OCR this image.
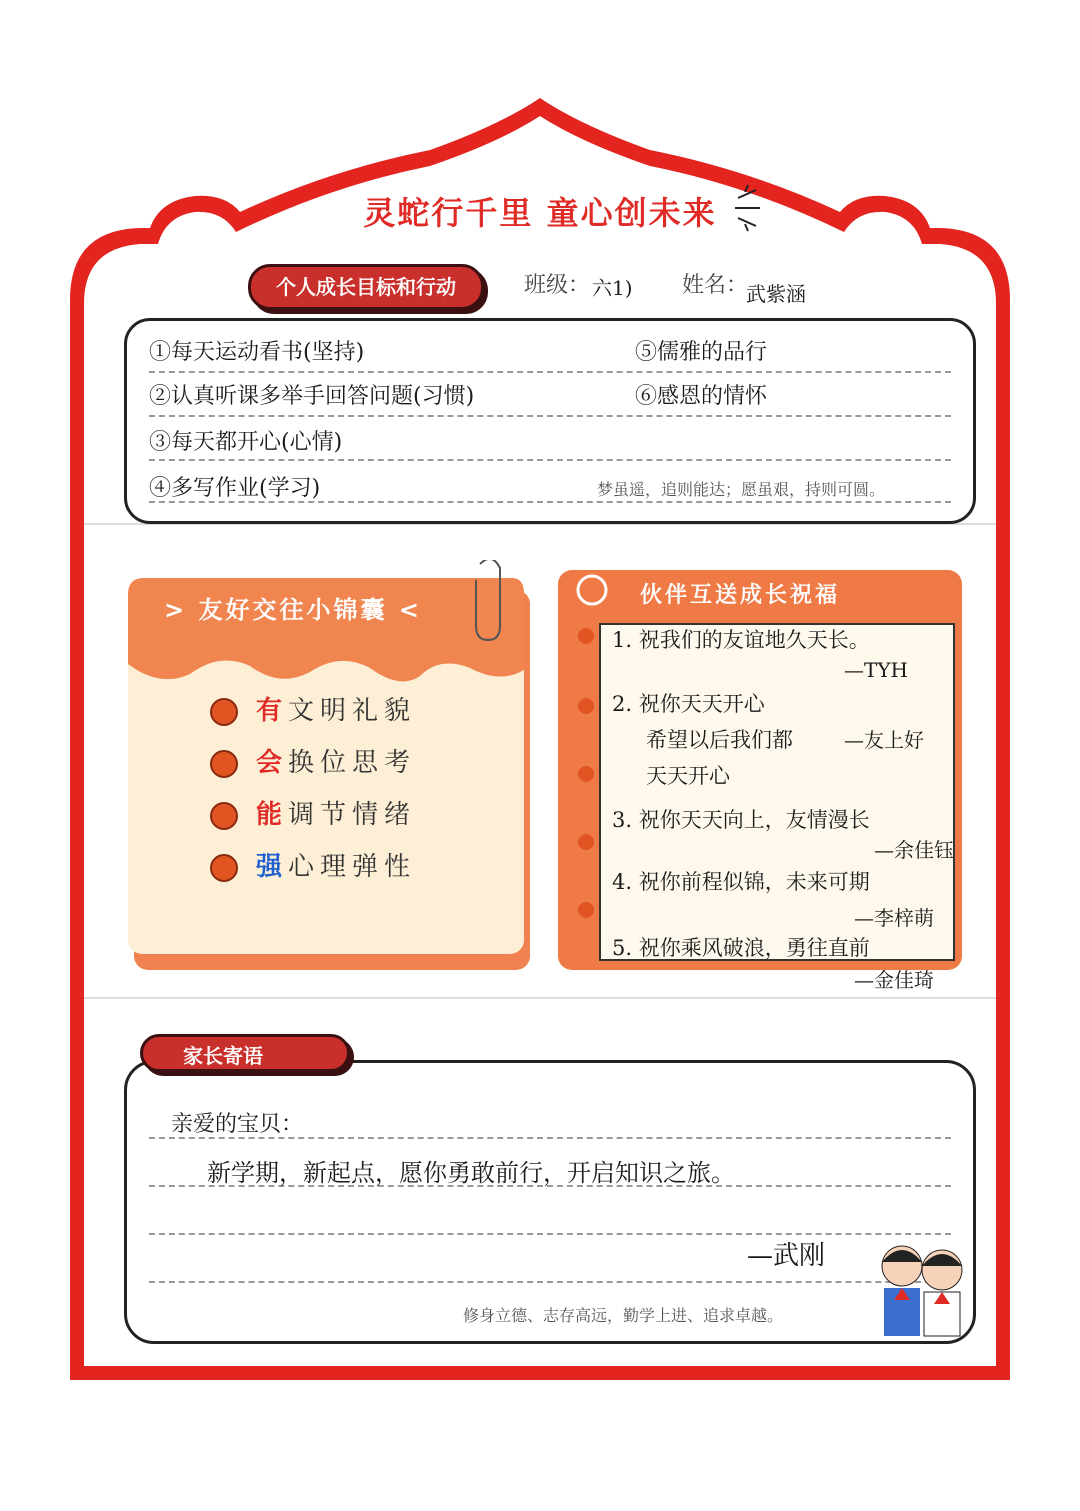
灵蛇行千里 童心创未来
个人成长目标和行动	班级： 六1) 姓名：
武紫涵
①每天运动看书(坚持)
②认真听课多举手回答问题(习惯)
③每天都开心(心情)
④多写作业(学习)
⑤儒雅的品行
⑥感恩的情怀
梦虽遥，追则能达；愿虽艰，持则可圆。
> 友好交往小锦囊 <
有文明礼貌
会换位思考
能调节情绪
强心理弹性
伙伴互送成长祝福
1. 祝我们的友谊地久天长。
—TYH
2. 祝你天天开心
希望以后我们都	—友上好
天天开心
3. 祝你天天向上，友情漫长
—余佳钰
4. 祝你前程似锦，未来可期
—李梓萌
5. 祝你乘风破浪，勇往直前
—金佳琦
亲爱的宝贝：
新学期，新起点，愿你勇敢前行，开启知识之旅。
—武刚
修身立德、志存高远，勤学上进、追求卓越。
家长寄语
